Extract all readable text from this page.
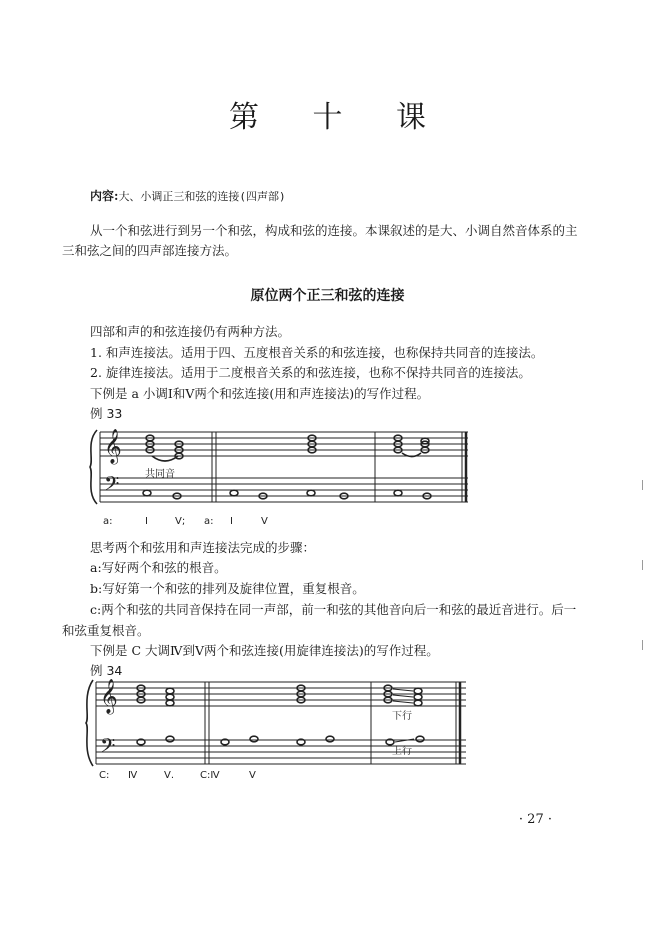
第 十 课
内容:大、小调正三和弦的连接(四声部)
从一个和弦进行到另一个和弦，构成和弦的连接。本课叙述的是大、小调自然音体系的主
三和弦之间的四声部连接方法。
原位两个正三和弦的连接
四部和声的和弦连接仍有两种方法。
1. 和声连接法。适用于四、五度根音关系的和弦连接，也称保持共同音的连接法。
2. 旋律连接法。适用于二度根音关系的和弦连接，也称不保持共同音的连接法。
下例是 a 小调Ⅰ和Ⅴ两个和弦连接(用和声连接法)的写作过程。
例 33
𝄞
𝄢	共同音
a:	Ⅰ	Ⅴ; a: Ⅰ	Ⅴ
思考两个和弦用和声连接法完成的步骤：
a:写好两个和弦的根音。
b:写好第一个和弦的排列及旋律位置，重复根音。
c:两个和弦的共同音保持在同一声部，前一和弦的其他音向后一和弦的最近音进行。后一
和弦重复根音。
下例是 C 大调Ⅳ到Ⅴ两个和弦连接(用旋律连接法)的写作过程。
例 34
𝄞
𝄢
下行
上行
C: Ⅳ	Ⅴ.	C:Ⅳ	Ⅴ
· 27 ·
